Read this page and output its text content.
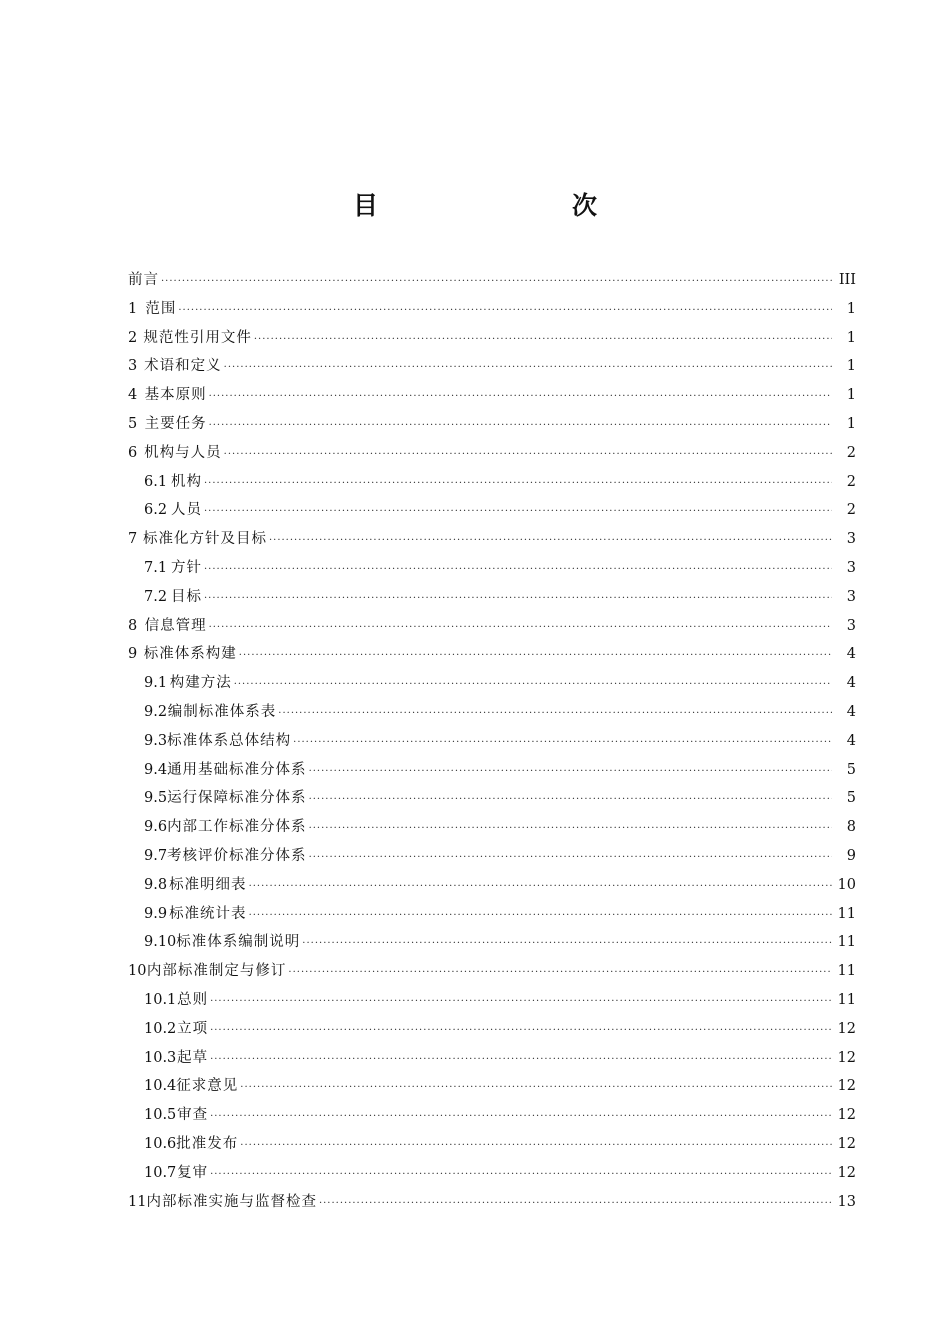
目　　次
前言 ·····	III
1 范围 ·····	1
2 规范性引用文件 ·····	1
3 术语和定义 ·····	1
4 基本原则 ·····	1
5 主要任务 ·····	1
6 机构与人员 ·····	2
6.1 机构 ·····	2
6.2 人员 ·····	2
7 标准化方针及目标 ·····	3
7.1 方针 ·····	3
7.2 目标 ·····	3
8 信息管理 ·····	3
9 标准体系构建 ·····	4
9.1 构建方法 ·····	4
9.2 编制标准体系表 ·····	4
9.3 标准体系总体结构 ·····	4
9.4 通用基础标准分体系 ·····	5
9.5 运行保障标准分体系 ·····	5
9.6 内部工作标准分体系 ·····	8
9.7 考核评价标准分体系 ·····	9
9.8 标准明细表 ·····	10
9.9 标准统计表 ·····	11
9.10 标准体系编制说明 ·····	11
10 内部标准制定与修订 ·····	11
10.1 总则 ·····	11
10.2 立项 ·····	12
10.3 起草 ·····	12
10.4 征求意见 ·····	12
10.5 审查 ·····	12
10.6 批准发布 ·····	12
10.7 复审 ·····	12
11 内部标准实施与监督检查 ·····	13
